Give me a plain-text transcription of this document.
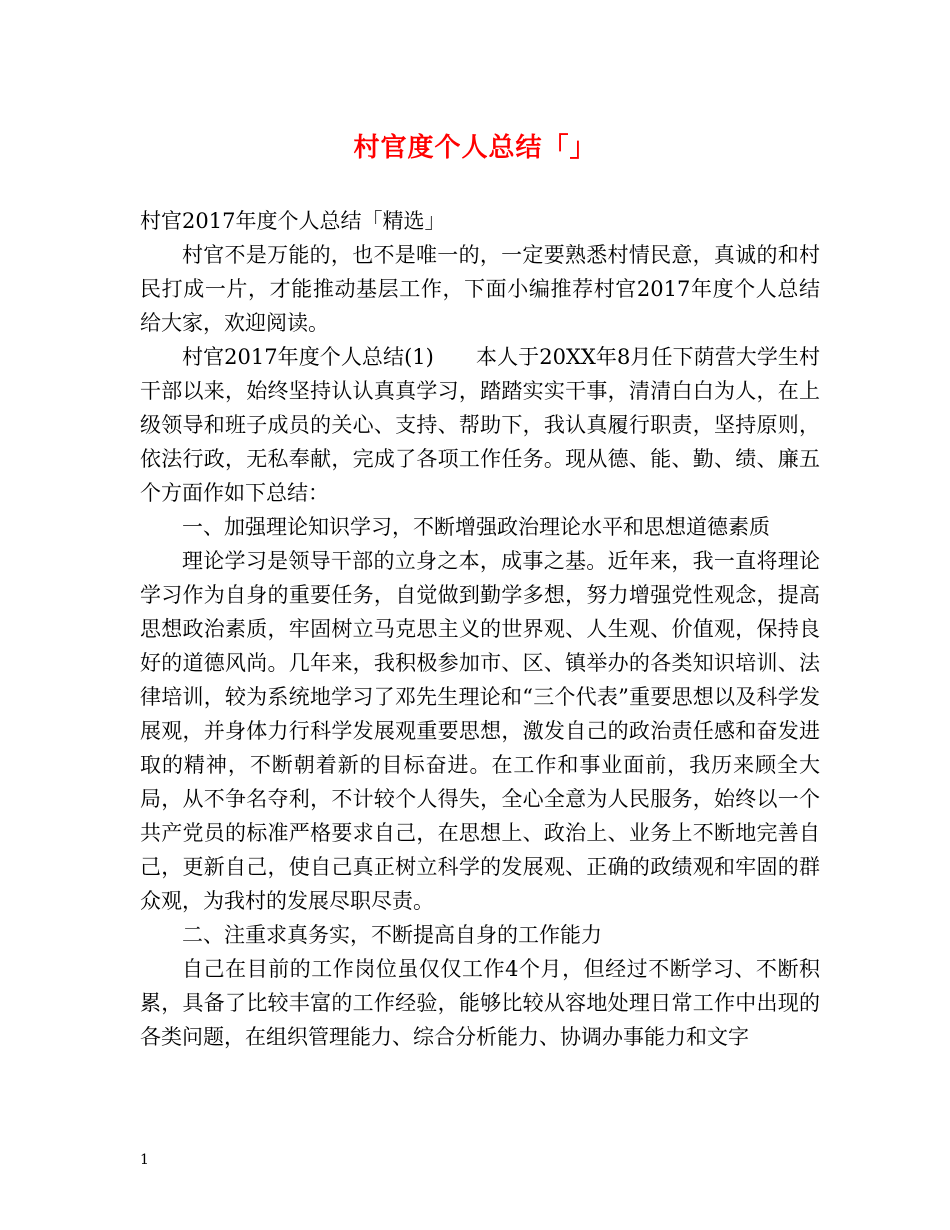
村官度个人总结「」

村官2017年度个人总结「精选」

村官不是万能的，也不是唯一的，一定要熟悉村情民意，真诚的和村民打成一片，才能推动基层工作，下面小编推荐村官2017年度个人总结给大家，欢迎阅读。

村官2017年度个人总结(1)　　本人于20XX年8月任下荫营大学生村干部以来，始终坚持认认真真学习，踏踏实实干事，清清白白为人，在上级领导和班子成员的关心、支持、帮助下，我认真履行职责，坚持原则，依法行政，无私奉献，完成了各项工作任务。现从德、能、勤、绩、廉五个方面作如下总结：

一、加强理论知识学习，不断增强政治理论水平和思想道德素质

理论学习是领导干部的立身之本，成事之基。近年来，我一直将理论学习作为自身的重要任务，自觉做到勤学多想，努力增强党性观念，提高思想政治素质，牢固树立马克思主义的世界观、人生观、价值观，保持良好的道德风尚。几年来，我积极参加市、区、镇举办的各类知识培训、法律培训，较为系统地学习了邓先生理论和“三个代表”重要思想以及科学发展观，并身体力行科学发展观重要思想，激发自己的政治责任感和奋发进取的精神，不断朝着新的目标奋进。在工作和事业面前，我历来顾全大局，从不争名夺利，不计较个人得失，全心全意为人民服务，始终以一个共产党员的标准严格要求自己，在思想上、政治上、业务上不断地完善自己，更新自己，使自己真正树立科学的发展观、正确的政绩观和牢固的群众观，为我村的发展尽职尽责。

二、注重求真务实，不断提高自身的工作能力

自己在目前的工作岗位虽仅仅工作4个月，但经过不断学习、不断积累，具备了比较丰富的工作经验，能够比较从容地处理日常工作中出现的各类问题，在组织管理能力、综合分析能力、协调办事能力和文字

1
